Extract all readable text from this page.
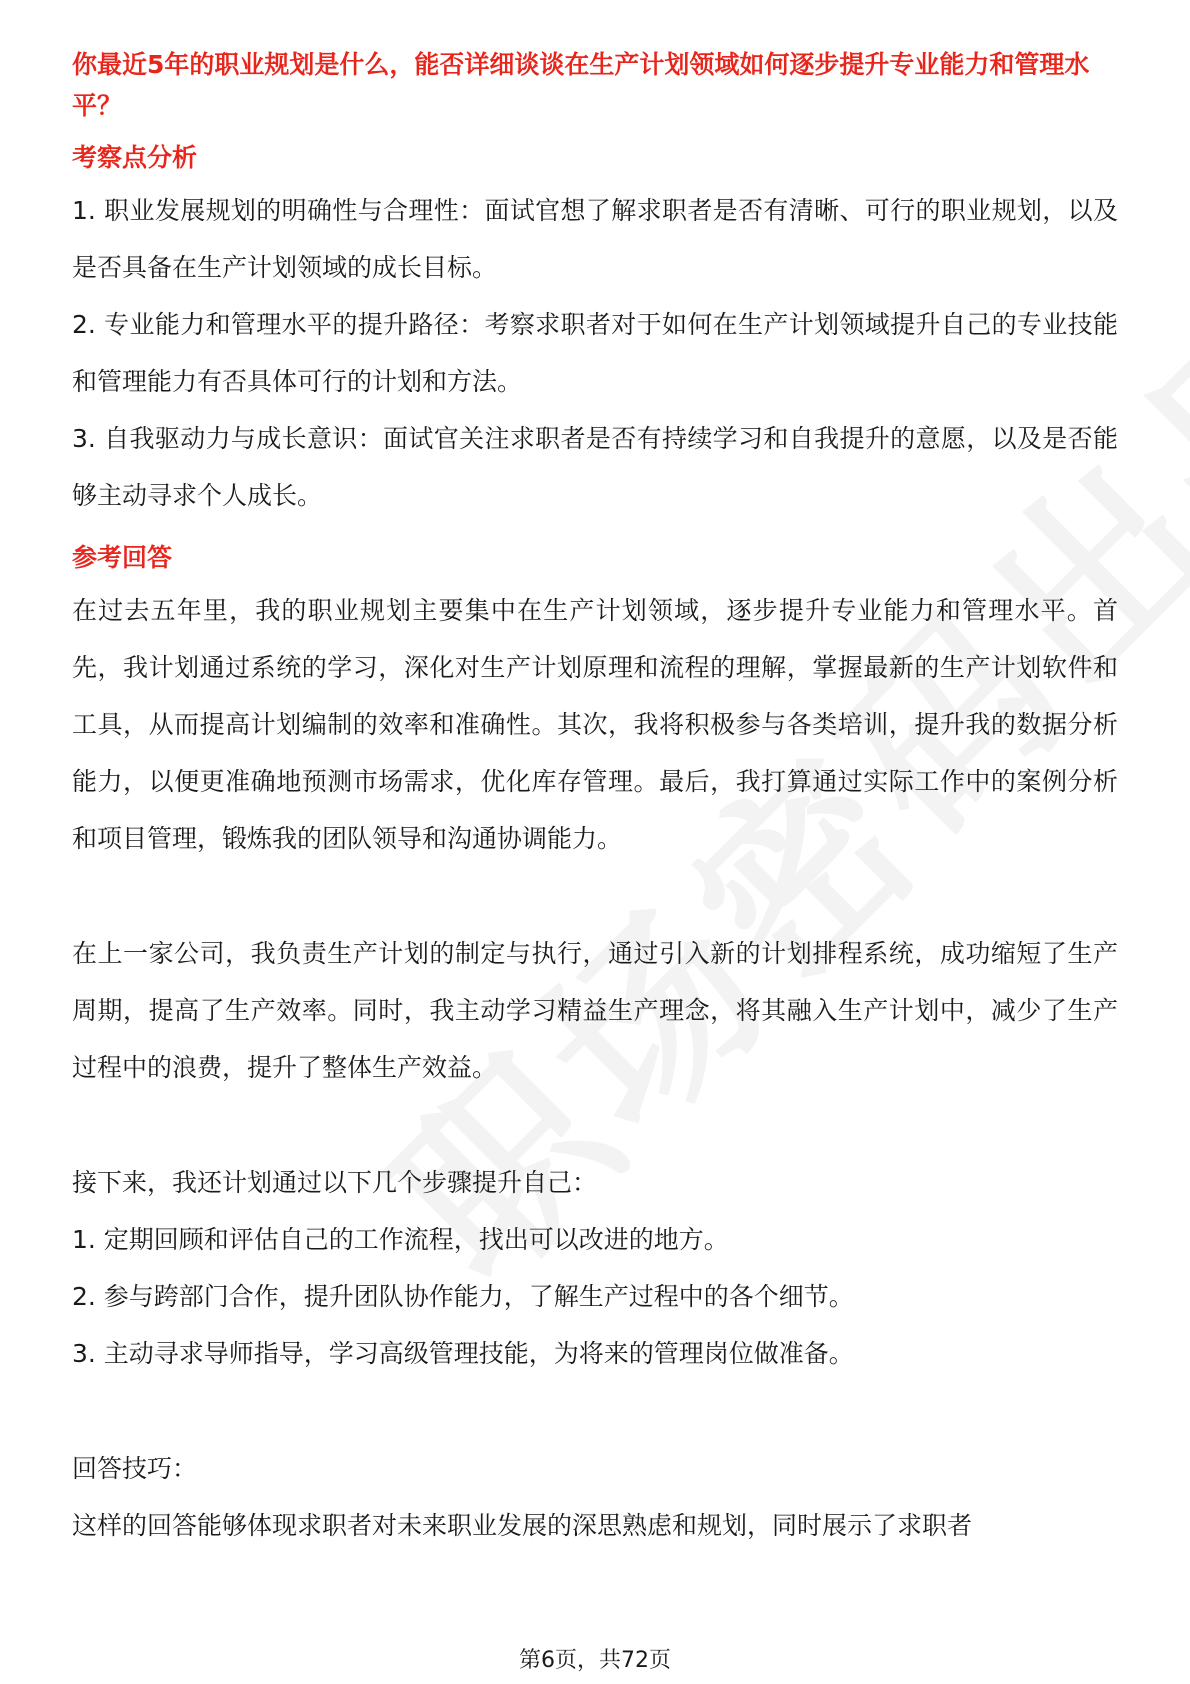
你最近5年的职业规划是什么，能否详细谈谈在生产计划领域如何逐步提升专业能力和管理水平？

考察点分析

1. 职业发展规划的明确性与合理性：面试官想了解求职者是否有清晰、可行的职业规划，以及是否具备在生产计划领域的成长目标。

2. 专业能力和管理水平的提升路径：考察求职者对于如何在生产计划领域提升自己的专业技能和管理能力有否具体可行的计划和方法。

3. 自我驱动力与成长意识：面试官关注求职者是否有持续学习和自我提升的意愿，以及是否能够主动寻求个人成长。

参考回答

在过去五年里，我的职业规划主要集中在生产计划领域，逐步提升专业能力和管理水平。首先，我计划通过系统的学习，深化对生产计划原理和流程的理解，掌握最新的生产计划软件和工具，从而提高计划编制的效率和准确性。其次，我将积极参与各类培训，提升我的数据分析能力，以便更准确地预测市场需求，优化库存管理。最后，我打算通过实际工作中的案例分析和项目管理，锻炼我的团队领导和沟通协调能力。

在上一家公司，我负责生产计划的制定与执行，通过引入新的计划排程系统，成功缩短了生产周期，提高了生产效率。同时，我主动学习精益生产理念，将其融入生产计划中，减少了生产过程中的浪费，提升了整体生产效益。

接下来，我还计划通过以下几个步骤提升自己：

1. 定期回顾和评估自己的工作流程，找出可以改进的地方。

2. 参与跨部门合作，提升团队协作能力，了解生产过程中的各个细节。

3. 主动寻求导师指导，学习高级管理技能，为将来的管理岗位做准备。

回答技巧：

这样的回答能够体现求职者对未来职业发展的深思熟虑和规划，同时展示了求职者

第6页，共72页
